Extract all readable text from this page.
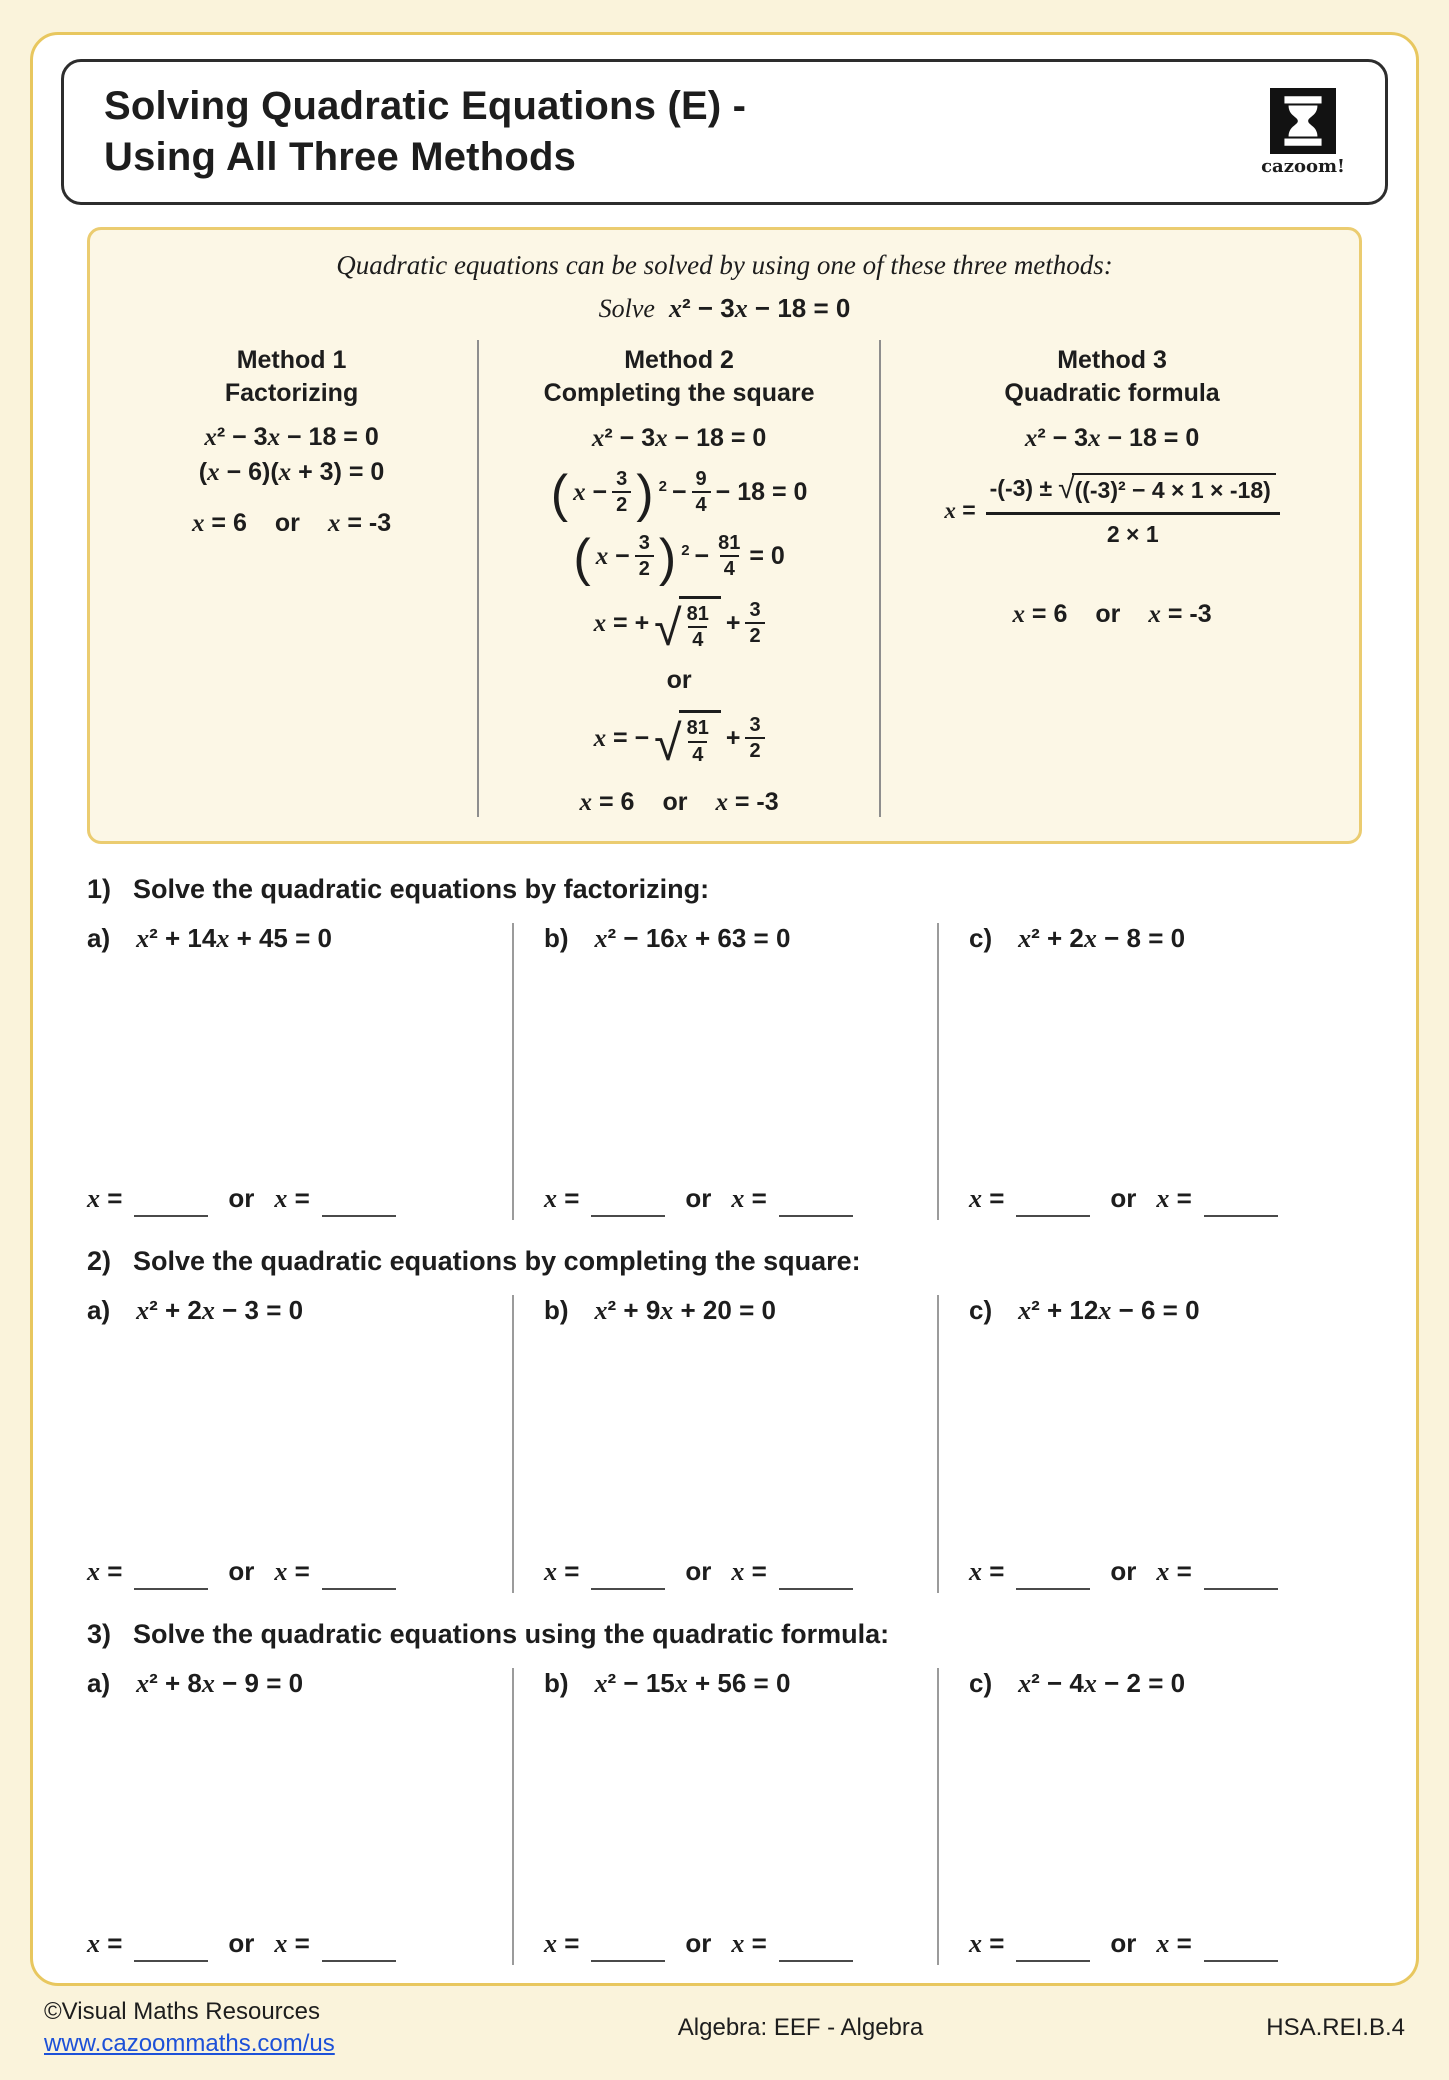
Solving Quadratic Equations (E) -
Using All Three Methods	cazoom!
Quadratic equations can be solved by using one of these three methods:
Solve x² − 3x − 18 = 0
Method 1
Factorizing
x² − 3x − 18 = 0
(x − 6)(x + 3) = 0
x = 6 or x = -3
Method 2
Completing the square
x² − 3x − 18 = 0
( $x - \frac{3}{2}$ ) $^2 - \frac{9}{4} - 18 = 0$
( $x - \frac{3}{2}$ ) $^2 - \frac{81}{4} = 0$
x = + √ $\frac{81}{4} + \frac{3}{2}$
or
x = − √ $\frac{81}{4} + \frac{3}{2}$
x = 6 or x = -3
Method 3
Quadratic formula
x² − 3x − 18 = 0
x =
-(-3) ± √ ((-3)² − 4 × 1 × -18)
2 × 1
x = 6 or x = -3
1) Solve the quadratic equations by factorizing:
a) x² + 14x + 45 = 0
x =	or x =
b) x² − 16x + 63 = 0
x =	or x =
c) x² + 2x − 8 = 0
x =	or x =
2) Solve the quadratic equations by completing the square:
a) x² + 2x − 3 = 0
x =	or x =
b) x² + 9x + 20 = 0
x =	or x =
c) x² + 12x − 6 = 0
x =	or x =
3) Solve the quadratic equations using the quadratic formula:
a) x² + 8x − 9 = 0
x =	or x =
b) x² − 15x + 56 = 0
x =	or x =
c) x² − 4x − 2 = 0
x =	or x =
©Visual Maths Resources
www.cazoommaths.com/us
Algebra: EEF - Algebra	HSA.REI.B.4
